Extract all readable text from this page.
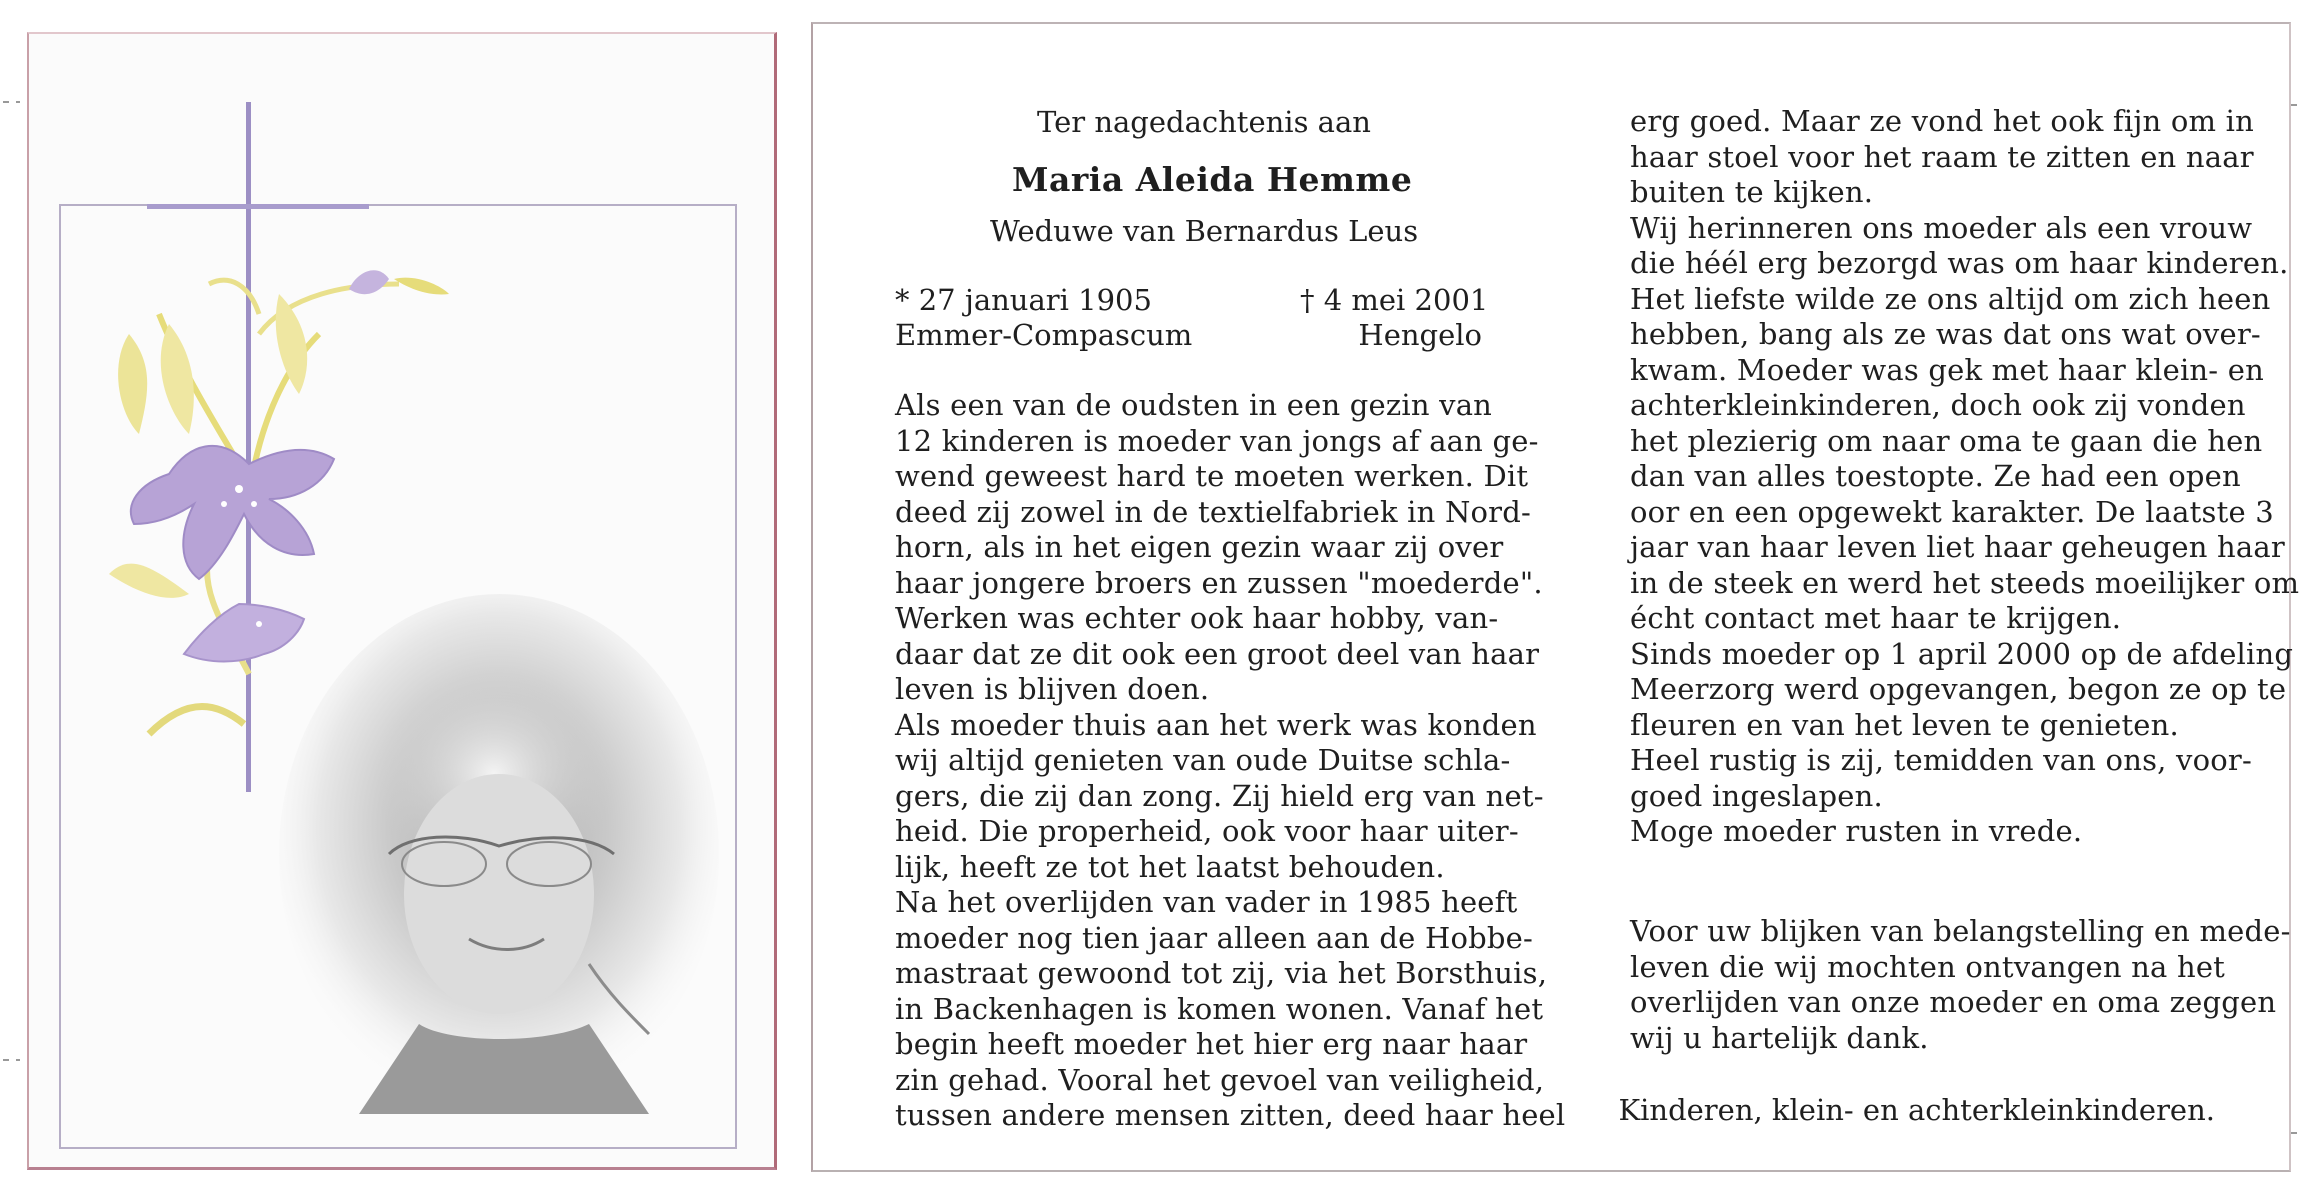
Ter nagedachtenis aan
Maria Aleida Hemme
Weduwe van Bernardus Leus
* 27 januari 1905
Emmer-Compascum
† 4 mei 2001
Hengelo
Als een van de oudsten in een gezin van
12 kinderen is moeder van jongs af aan ge-
wend geweest hard te moeten werken. Dit
deed zij zowel in de textielfabriek in Nord-
horn, als in het eigen gezin waar zij over
haar jongere broers en zussen "moederde".
Werken was echter ook haar hobby, van-
daar dat ze dit ook een groot deel van haar
leven is blijven doen.
Als moeder thuis aan het werk was konden
wij altijd genieten van oude Duitse schla-
gers, die zij dan zong. Zij hield erg van net-
heid. Die properheid, ook voor haar uiter-
lijk, heeft ze tot het laatst behouden.
Na het overlijden van vader in 1985 heeft
moeder nog tien jaar alleen aan de Hobbe-
mastraat gewoond tot zij, via het Borsthuis,
in Backenhagen is komen wonen. Vanaf het
begin heeft moeder het hier erg naar haar
zin gehad. Vooral het gevoel van veiligheid,
tussen andere mensen zitten, deed haar heel
erg goed. Maar ze vond het ook fijn om in
haar stoel voor het raam te zitten en naar
buiten te kijken.
Wij herinneren ons moeder als een vrouw
die héél erg bezorgd was om haar kinderen.
Het liefste wilde ze ons altijd om zich heen
hebben, bang als ze was dat ons wat over-
kwam. Moeder was gek met haar klein- en
achterkleinkinderen, doch ook zij vonden
het plezierig om naar oma te gaan die hen
dan van alles toestopte. Ze had een open
oor en een opgewekt karakter. De laatste 3
jaar van haar leven liet haar geheugen haar
in de steek en werd het steeds moeilijker om
écht contact met haar te krijgen.
Sinds moeder op 1 april 2000 op de afdeling
Meerzorg werd opgevangen, begon ze op te
fleuren en van het leven te genieten.
Heel rustig is zij, temidden van ons, voor-
goed ingeslapen.
Moge moeder rusten in vrede.
Voor uw blijken van belangstelling en mede-
leven die wij mochten ontvangen na het
overlijden van onze moeder en oma zeggen
wij u hartelijk dank.
Kinderen, klein- en achterkleinkinderen.
